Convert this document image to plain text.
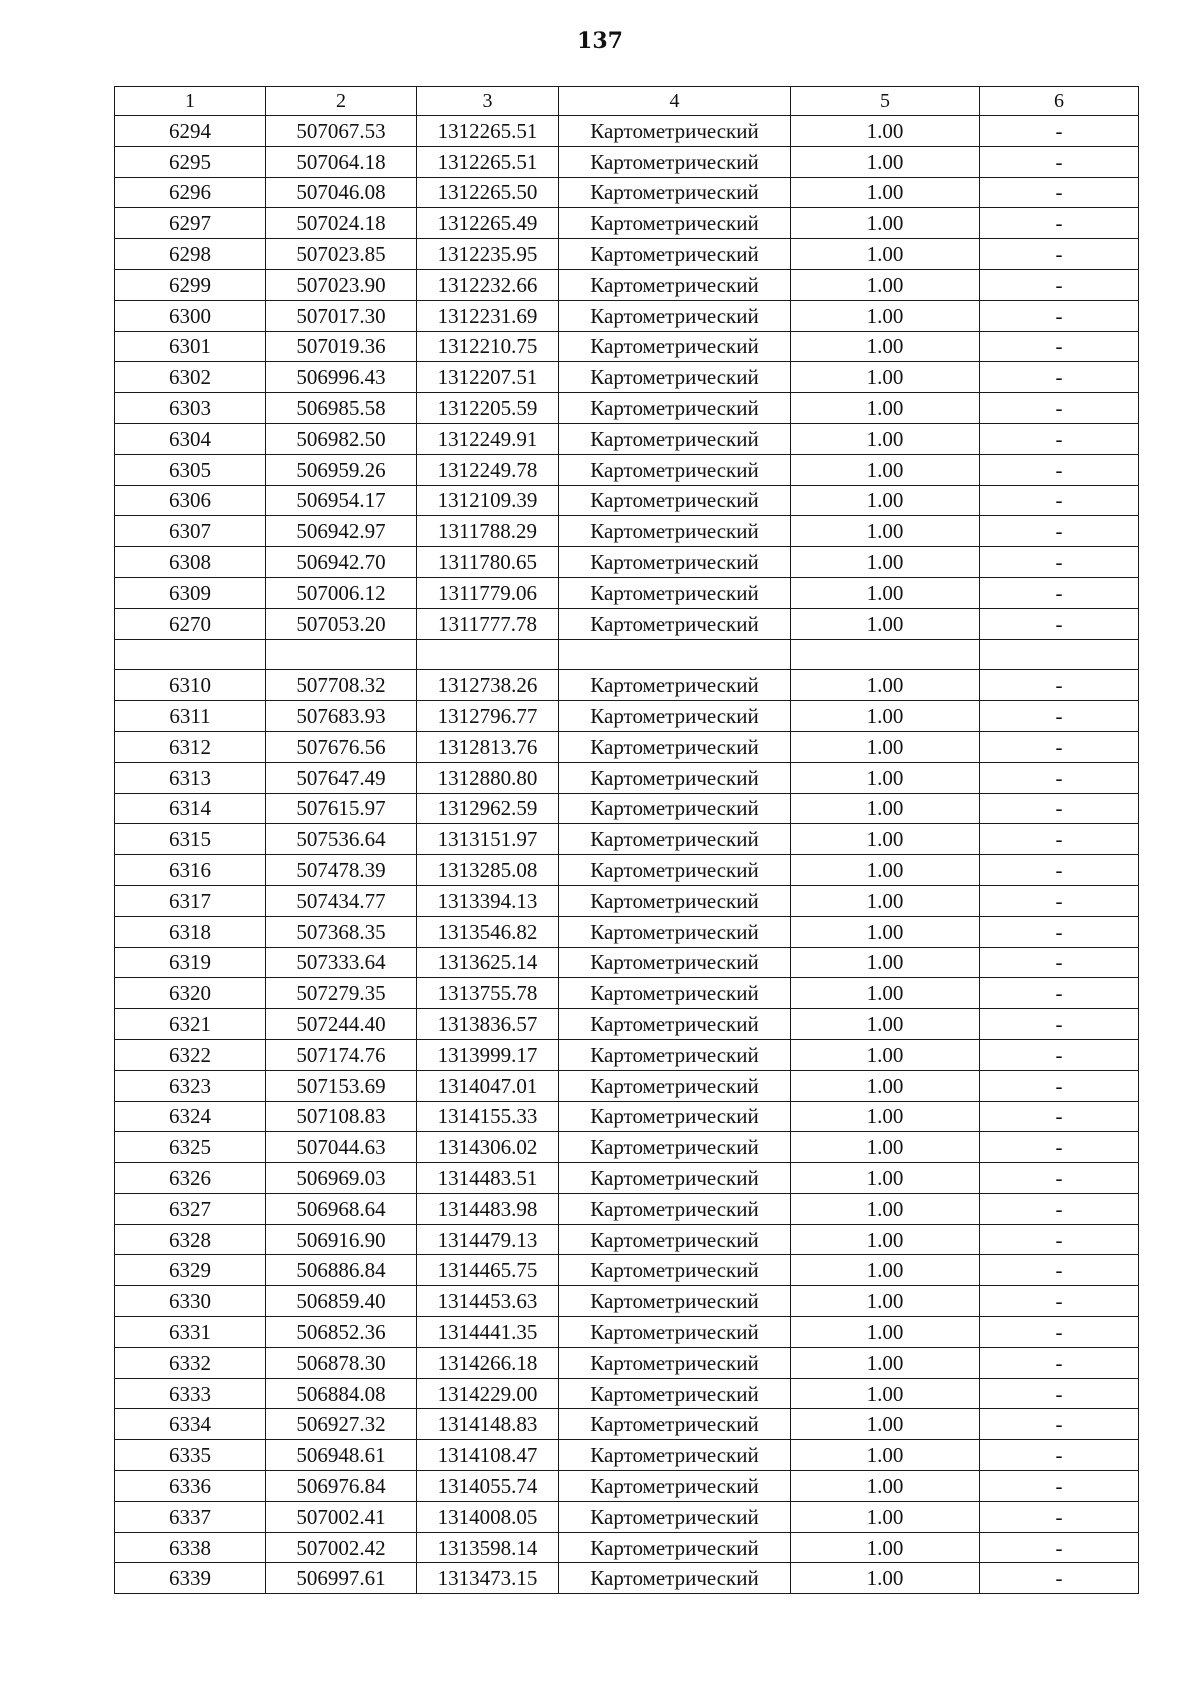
137
1	2	3	4	5	6
6294	507067.53	1312265.51	Картометрический	1.00	-
6295	507064.18	1312265.51	Картометрический	1.00	-
6296	507046.08	1312265.50	Картометрический	1.00	-
6297	507024.18	1312265.49	Картометрический	1.00	-
6298	507023.85	1312235.95	Картометрический	1.00	-
6299	507023.90	1312232.66	Картометрический	1.00	-
6300	507017.30	1312231.69	Картометрический	1.00	-
6301	507019.36	1312210.75	Картометрический	1.00	-
6302	506996.43	1312207.51	Картометрический	1.00	-
6303	506985.58	1312205.59	Картометрический	1.00	-
6304	506982.50	1312249.91	Картометрический	1.00	-
6305	506959.26	1312249.78	Картометрический	1.00	-
6306	506954.17	1312109.39	Картометрический	1.00	-
6307	506942.97	1311788.29	Картометрический	1.00	-
6308	506942.70	1311780.65	Картометрический	1.00	-
6309	507006.12	1311779.06	Картометрический	1.00	-
6270	507053.20	1311777.78	Картометрический	1.00	-

6310	507708.32	1312738.26	Картометрический	1.00	-
6311	507683.93	1312796.77	Картометрический	1.00	-
6312	507676.56	1312813.76	Картометрический	1.00	-
6313	507647.49	1312880.80	Картометрический	1.00	-
6314	507615.97	1312962.59	Картометрический	1.00	-
6315	507536.64	1313151.97	Картометрический	1.00	-
6316	507478.39	1313285.08	Картометрический	1.00	-
6317	507434.77	1313394.13	Картометрический	1.00	-
6318	507368.35	1313546.82	Картометрический	1.00	-
6319	507333.64	1313625.14	Картометрический	1.00	-
6320	507279.35	1313755.78	Картометрический	1.00	-
6321	507244.40	1313836.57	Картометрический	1.00	-
6322	507174.76	1313999.17	Картометрический	1.00	-
6323	507153.69	1314047.01	Картометрический	1.00	-
6324	507108.83	1314155.33	Картометрический	1.00	-
6325	507044.63	1314306.02	Картометрический	1.00	-
6326	506969.03	1314483.51	Картометрический	1.00	-
6327	506968.64	1314483.98	Картометрический	1.00	-
6328	506916.90	1314479.13	Картометрический	1.00	-
6329	506886.84	1314465.75	Картометрический	1.00	-
6330	506859.40	1314453.63	Картометрический	1.00	-
6331	506852.36	1314441.35	Картометрический	1.00	-
6332	506878.30	1314266.18	Картометрический	1.00	-
6333	506884.08	1314229.00	Картометрический	1.00	-
6334	506927.32	1314148.83	Картометрический	1.00	-
6335	506948.61	1314108.47	Картометрический	1.00	-
6336	506976.84	1314055.74	Картометрический	1.00	-
6337	507002.41	1314008.05	Картометрический	1.00	-
6338	507002.42	1313598.14	Картометрический	1.00	-
6339	506997.61	1313473.15	Картометрический	1.00	-
